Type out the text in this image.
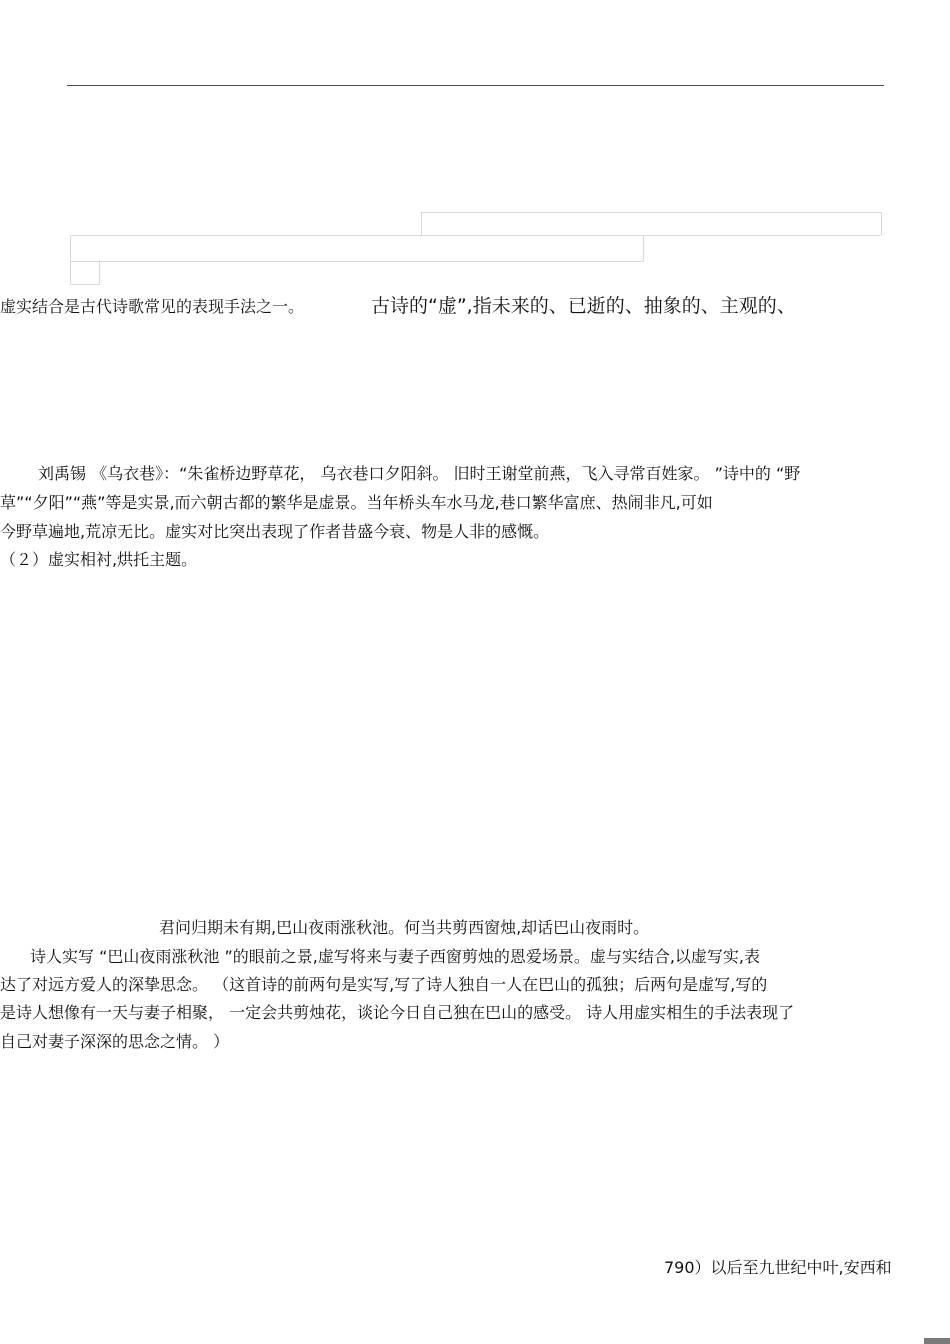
虚实结合是古代诗歌常见的表现手法之一。	古诗的“虚”,指未来的、已逝的、抽象的、主观的、
刘禹锡 《乌衣巷》：“朱雀桥边野草花， 乌衣巷口夕阳斜。 旧时王谢堂前燕，飞入寻常百姓家。 ”诗中的 “野
草”“夕阳”“燕”等是实景,而六朝古都的繁华是虚景。当年桥头车水马龙,巷口繁华富庶、热闹非凡,可如
今野草遍地,荒凉无比。虚实对比突出表现了作者昔盛今衰、物是人非的感慨。
（２）虚实相衬,烘托主题。
君问归期未有期,巴山夜雨涨秋池。何当共剪西窗烛,却话巴山夜雨时。
诗人实写 “巴山夜雨涨秋池 ”的眼前之景,虚写将来与妻子西窗剪烛的恩爱场景。虚与实结合,以虚写实,表
达了对远方爱人的深挚思念。 （这首诗的前两句是实写,写了诗人独自一人在巴山的孤独；后两句是虚写,写的
是诗人想像有一天与妻子相聚， 一定会共剪烛花，谈论今日自己独在巴山的感受。 诗人用虚实相生的手法表现了
自己对妻子深深的思念之情。 ）
790）以后至九世纪中叶,安西和
